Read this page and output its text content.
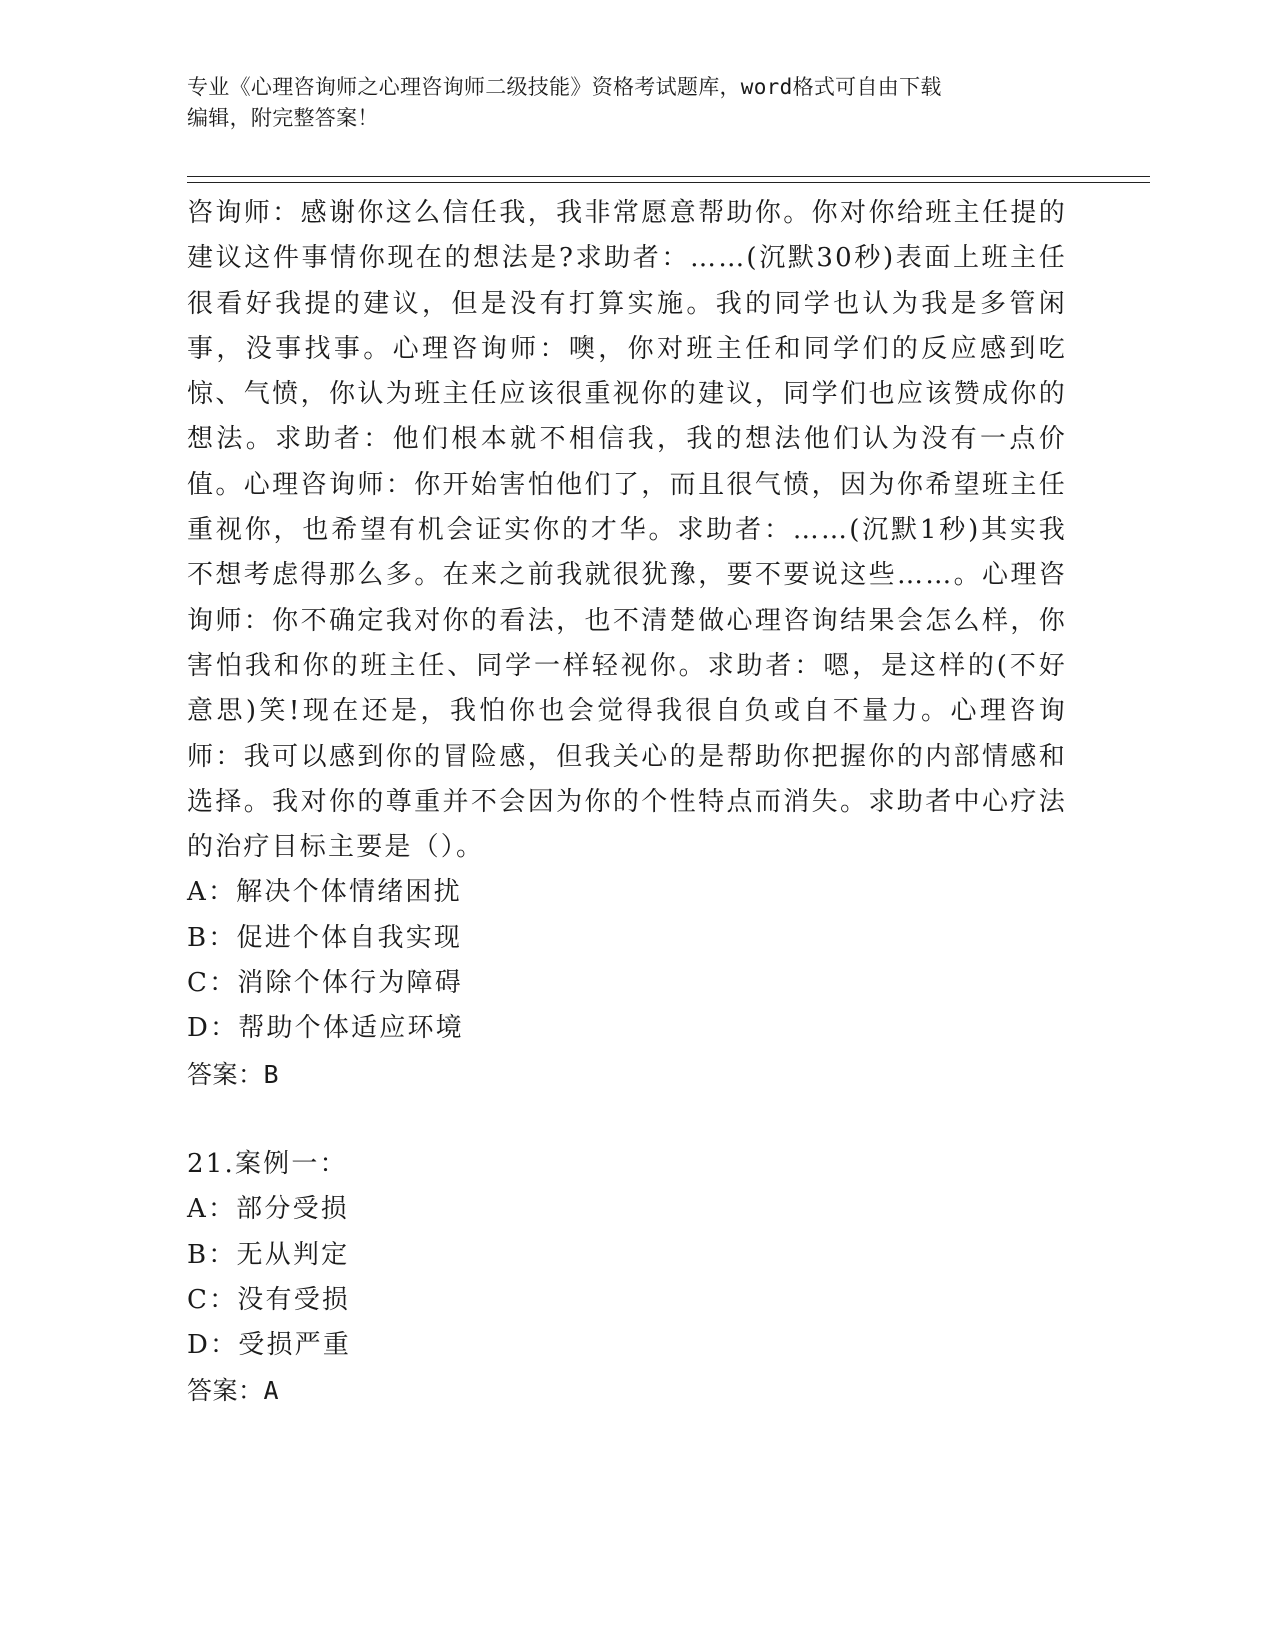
专业《心理咨询师之心理咨询师二级技能》资格考试题库，word格式可自由下载

编辑，附完整答案！

咨询师：感谢你这么信任我，我非常愿意帮助你。你对你给班主任提的建议这件事情你现在的想法是?求助者：……(沉默30秒)表面上班主任很看好我提的建议，但是没有打算实施。我的同学也认为我是多管闲事，没事找事。心理咨询师：噢，你对班主任和同学们的反应感到吃惊、气愤，你认为班主任应该很重视你的建议，同学们也应该赞成你的想法。求助者：他们根本就不相信我，我的想法他们认为没有一点价值。心理咨询师：你开始害怕他们了，而且很气愤，因为你希望班主任重视你，也希望有机会证实你的才华。求助者：……(沉默1秒)其实我不想考虑得那么多。在来之前我就很犹豫，要不要说这些……。心理咨询师：你不确定我对你的看法，也不清楚做心理咨询结果会怎么样，你害怕我和你的班主任、同学一样轻视你。求助者：嗯，是这样的(不好意思)笑!现在还是，我怕你也会觉得我很自负或自不量力。心理咨询师：我可以感到你的冒险感，但我关心的是帮助你把握你的内部情感和选择。我对你的尊重并不会因为你的个性特点而消失。求助者中心疗法的治疗目标主要是（）。

A：解决个体情绪困扰

B：促进个体自我实现

C：消除个体行为障碍

D：帮助个体适应环境

答案：B

21.案例一：

A：部分受损

B：无从判定

C：没有受损

D：受损严重

答案：A
